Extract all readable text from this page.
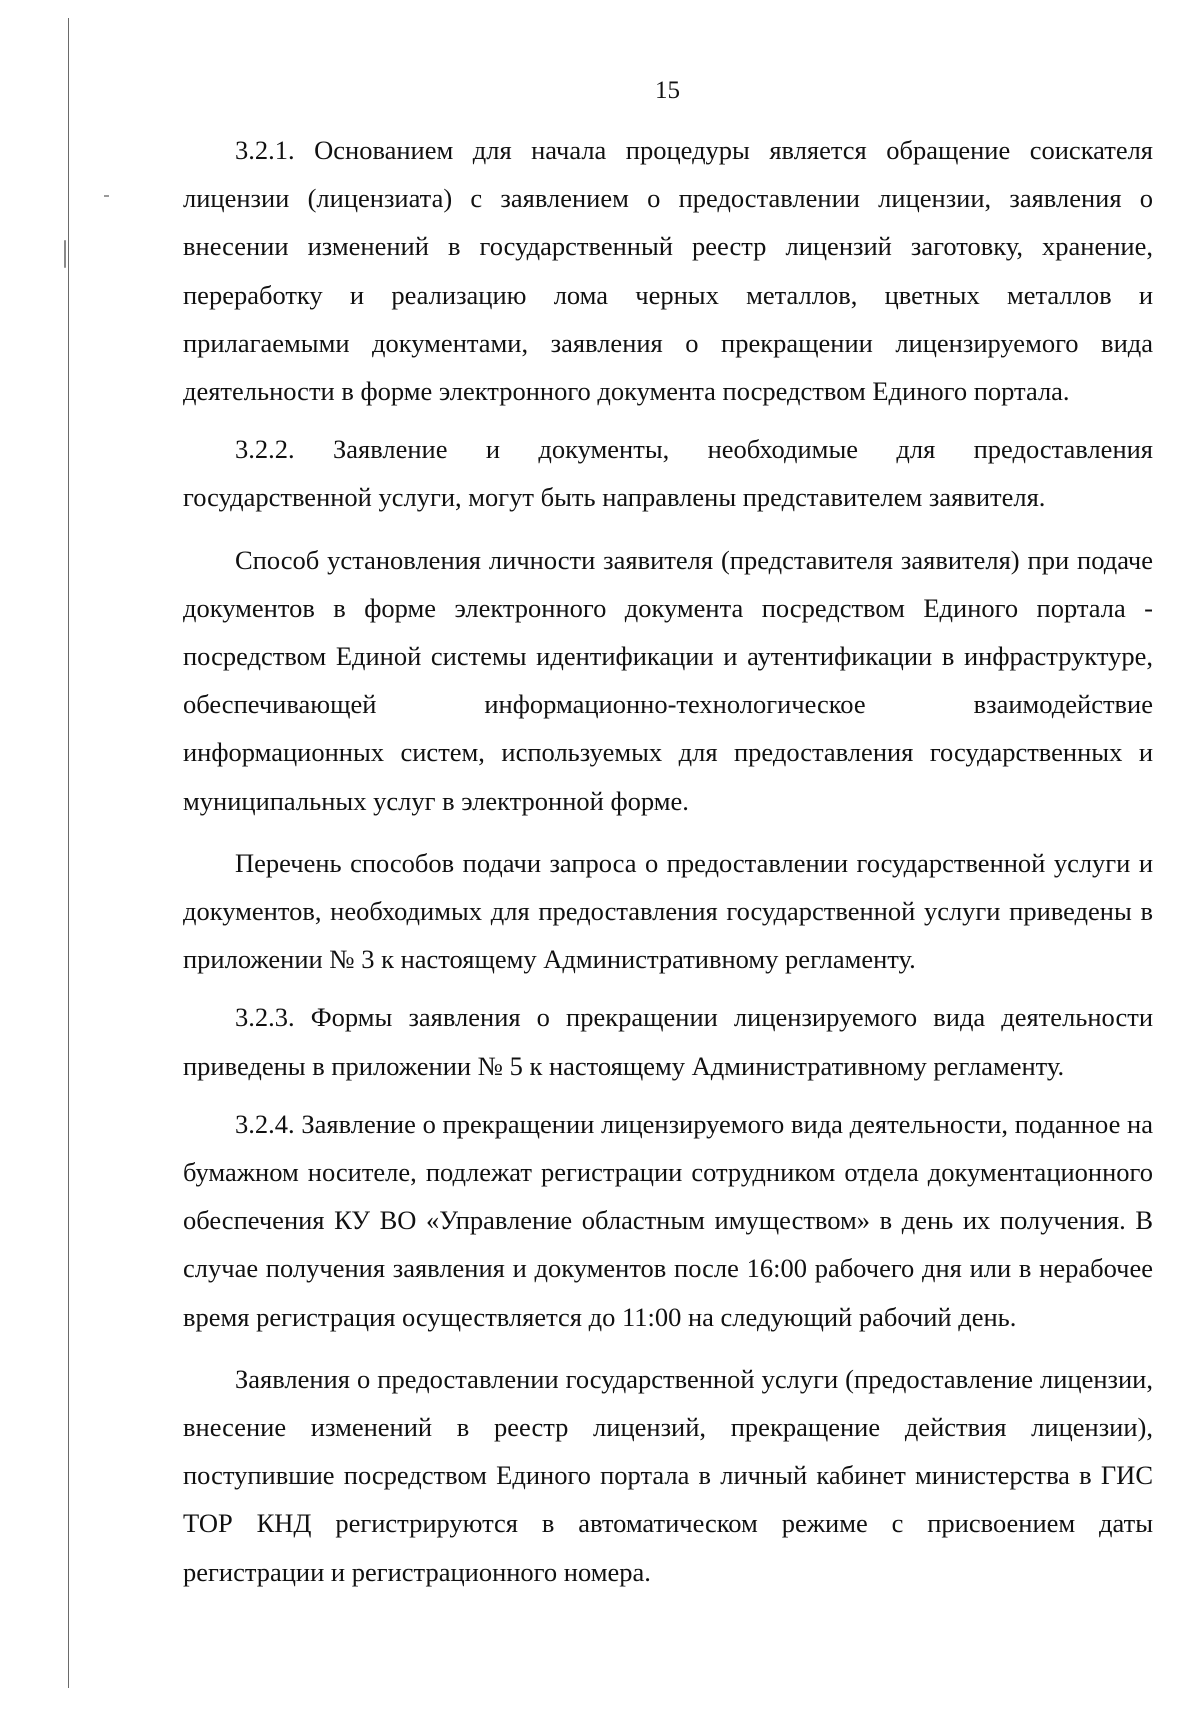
15

3.2.1. Основанием для начала процедуры является обращение соискателя лицензии (лицензиата) с заявлением о предоставлении лицензии, заявления о внесении изменений в государственный реестр лицензий заготовку, хранение, переработку и реализацию лома черных металлов, цветных металлов и прилагаемыми документами, заявления о прекращении лицензируемого вида деятельности в форме электронного документа посредством Единого портала.

3.2.2. Заявление и документы, необходимые для предоставления государственной услуги, могут быть направлены представителем заявителя.

Способ установления личности заявителя (представителя заявителя) при подаче документов в форме электронного документа посредством Единого портала - посредством Единой системы идентификации и аутентификации в инфраструктуре, обеспечивающей информационно-технологическое взаимодействие информационных систем, используемых для предоставления государственных и муниципальных услуг в электронной форме.

Перечень способов подачи запроса о предоставлении государственной услуги и документов, необходимых для предоставления государственной услуги приведены в приложении № 3 к настоящему Административному регламенту.

3.2.3. Формы заявления о прекращении лицензируемого вида деятельности приведены в приложении № 5 к настоящему Административному регламенту.

3.2.4. Заявление о прекращении лицензируемого вида деятельности, поданное на бумажном носителе, подлежат регистрации сотрудником отдела документационного обеспечения КУ ВО «Управление областным имуществом» в день их получения. В случае получения заявления и документов после 16:00 рабочего дня или в нерабочее время регистрация осуществляется до 11:00 на следующий рабочий день.

Заявления о предоставлении государственной услуги (предоставление лицензии, внесение изменений в реестр лицензий, прекращение действия лицензии), поступившие посредством Единого портала в личный кабинет министерства в ГИС ТОР КНД регистрируются в автоматическом режиме с присвоением даты регистрации и регистрационного номера.
